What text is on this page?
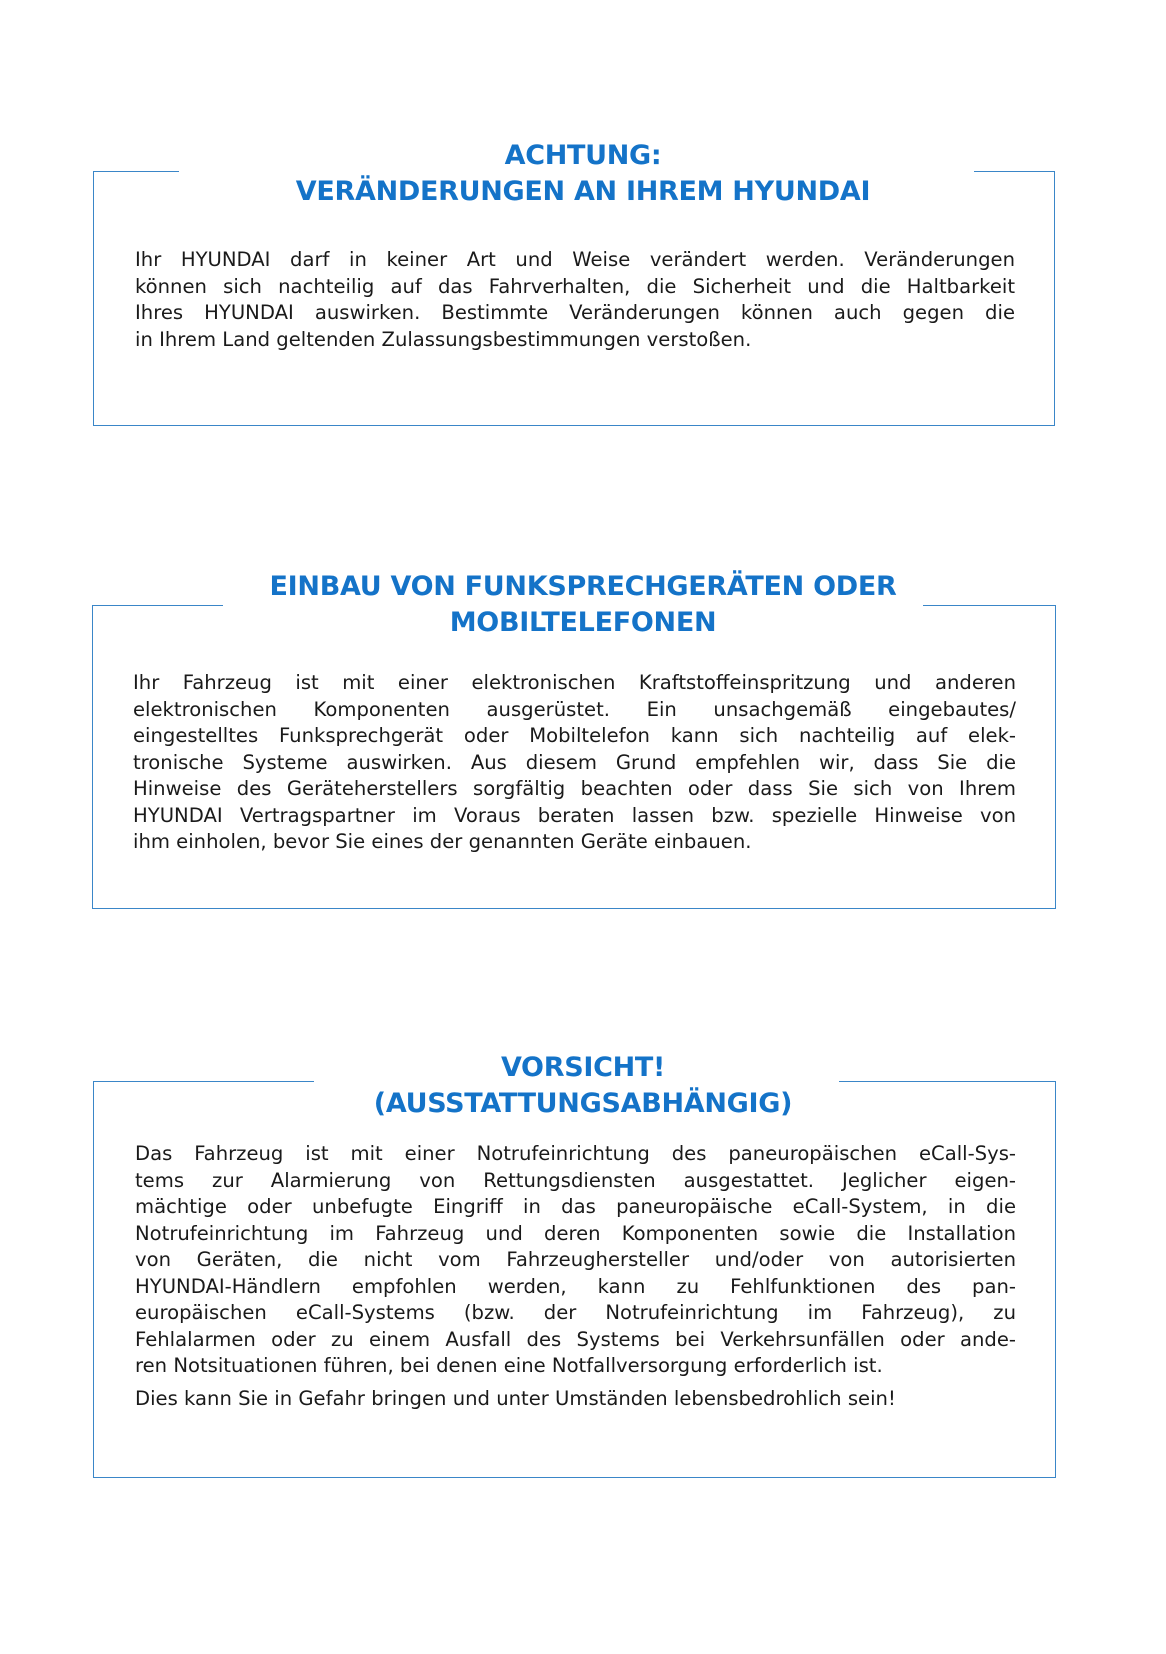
ACHTUNG:
VERÄNDERUNGEN AN IHREM HYUNDAI
Ihr HYUNDAI darf in keiner Art und Weise verändert werden. Veränderungen
können sich nachteilig auf das Fahrverhalten, die Sicherheit und die Haltbarkeit
Ihres HYUNDAI auswirken. Bestimmte Veränderungen können auch gegen die
in Ihrem Land geltenden Zulassungsbestimmungen verstoßen.
EINBAU VON FUNKSPRECHGERÄTEN ODER
MOBILTELEFONEN
Ihr Fahrzeug ist mit einer elektronischen Kraftstoffeinspritzung und anderen
elektronischen Komponenten ausgerüstet. Ein unsachgemäß eingebautes/
eingestelltes Funksprechgerät oder Mobiltelefon kann sich nachteilig auf elek-
tronische Systeme auswirken. Aus diesem Grund empfehlen wir, dass Sie die
Hinweise des Geräteherstellers sorgfältig beachten oder dass Sie sich von Ihrem
HYUNDAI Vertragspartner im Voraus beraten lassen bzw. spezielle Hinweise von
ihm einholen, bevor Sie eines der genannten Geräte einbauen.
VORSICHT!
(AUSSTATTUNGSABHÄNGIG)
Das Fahrzeug ist mit einer Notrufeinrichtung des paneuropäischen eCall-Sys-
tems zur Alarmierung von Rettungsdiensten ausgestattet. Jeglicher eigen-
mächtige oder unbefugte Eingriff in das paneuropäische eCall-System, in die
Notrufeinrichtung im Fahrzeug und deren Komponenten sowie die Installation
von Geräten, die nicht vom Fahrzeughersteller und/oder von autorisierten
HYUNDAI-Händlern empfohlen werden, kann zu Fehlfunktionen des pan-
europäischen eCall-Systems (bzw. der Notrufeinrichtung im Fahrzeug), zu
Fehlalarmen oder zu einem Ausfall des Systems bei Verkehrsunfällen oder ande-
ren Notsituationen führen, bei denen eine Notfallversorgung erforderlich ist.
Dies kann Sie in Gefahr bringen und unter Umständen lebensbedrohlich sein!
